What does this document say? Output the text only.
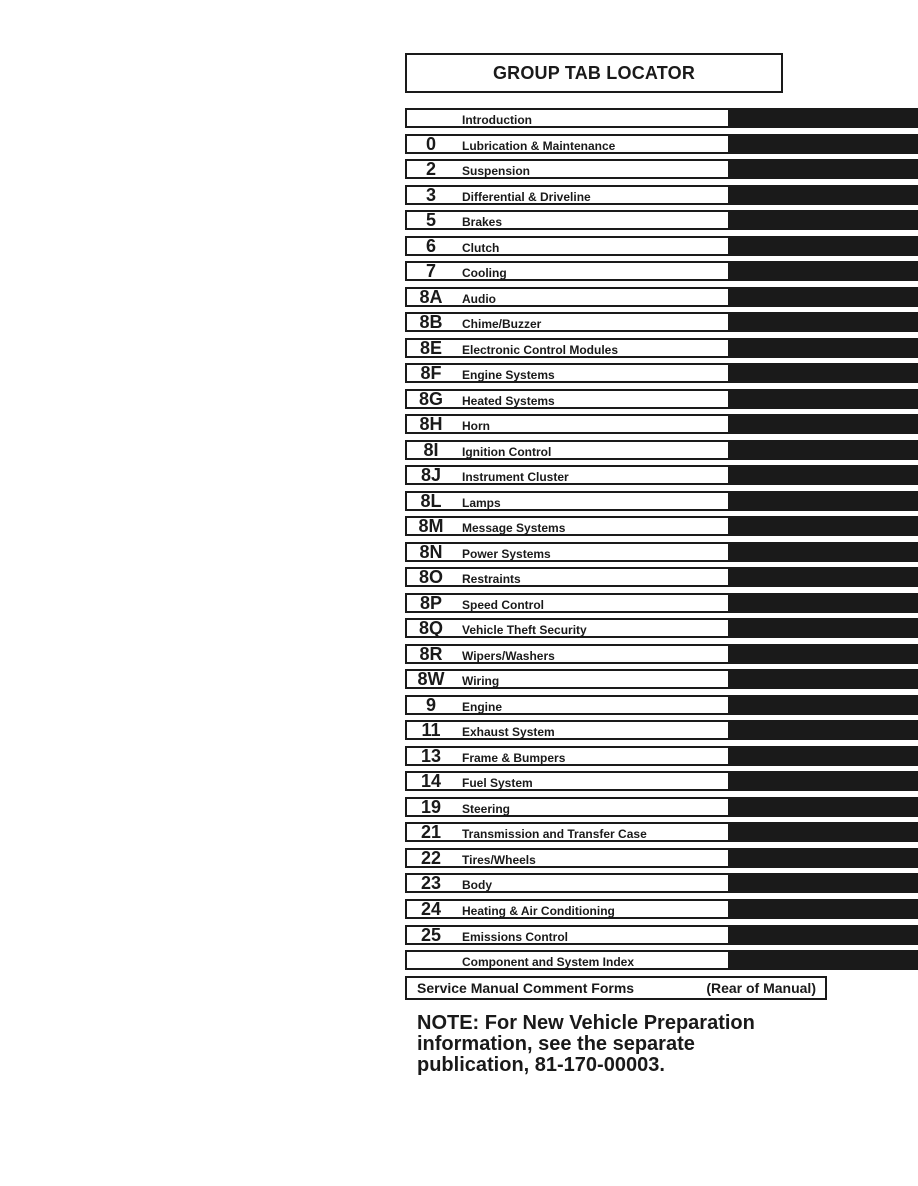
GROUP TAB LOCATOR
Introduction
0	Lubrication & Maintenance
2	Suspension
3	Differential & Driveline
5	Brakes
6	Clutch
7	Cooling
8A	Audio
8B	Chime/Buzzer
8E	Electronic Control Modules
8F	Engine Systems
8G	Heated Systems
8H	Horn
8I	Ignition Control
8J	Instrument Cluster
8L	Lamps
8M	Message Systems
8N	Power Systems
8O	Restraints
8P	Speed Control
8Q	Vehicle Theft Security
8R	Wipers/Washers
8W	Wiring
9	Engine
11	Exhaust System
13	Frame & Bumpers
14	Fuel System
19	Steering
21	Transmission and Transfer Case
22	Tires/Wheels
23	Body
24	Heating & Air Conditioning
25	Emissions Control
Component and System Index
Service Manual Comment Forms	(Rear of Manual)
NOTE: For New Vehicle Preparation
information, see the separate
publication, 81-170-00003.
